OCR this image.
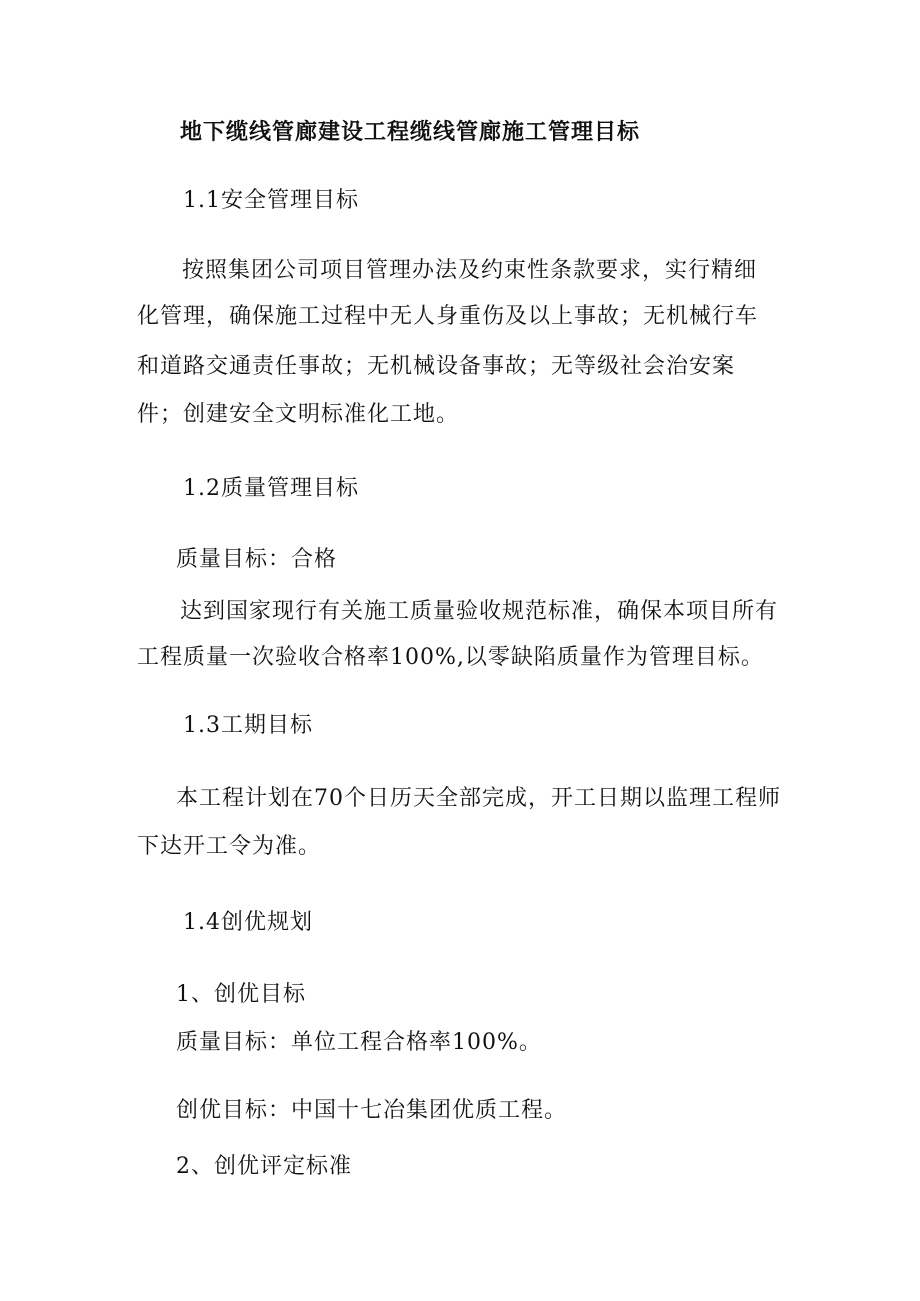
地下缆线管廊建设工程缆线管廊施工管理目标
1.1安全管理目标
按照集团公司项目管理办法及约束性条款要求，实行精细
化管理，确保施工过程中无人身重伤及以上事故；无机械行车
和道路交通责任事故；无机械设备事故；无等级社会治安案
件；创建安全文明标准化工地。
1.2质量管理目标
质量目标：合格
达到国家现行有关施工质量验收规范标准，确保本项目所有
工程质量一次验收合格率100%,以零缺陷质量作为管理目标。
1.3工期目标
本工程计划在70个日历天全部完成，开工日期以监理工程师
下达开工令为准。
1.4创优规划
1、创优目标
质量目标：单位工程合格率100%。
创优目标：中国十七冶集团优质工程。
2、创优评定标准
